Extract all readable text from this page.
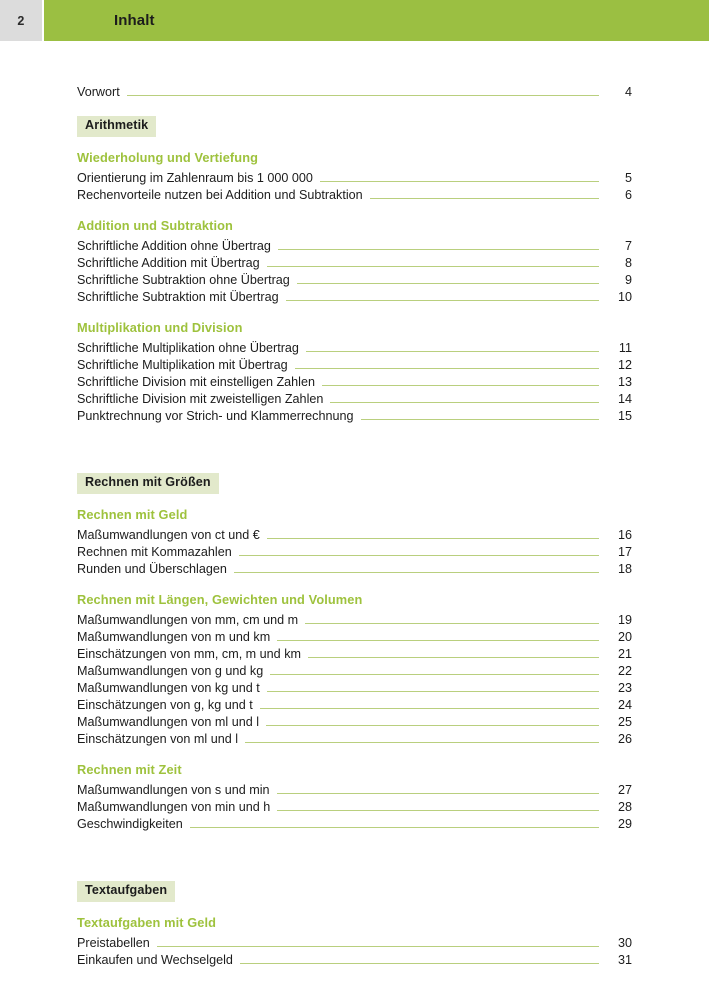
2	Inhalt
Vorwort	4
Arithmetik
Wiederholung und Vertiefung
Orientierung im Zahlenraum bis 1 000 000	5
Rechenvorteile nutzen bei Addition und Subtraktion	6
Addition und Subtraktion
Schriftliche Addition ohne Übertrag	7
Schriftliche Addition mit Übertrag	8
Schriftliche Subtraktion ohne Übertrag	9
Schriftliche Subtraktion mit Übertrag	10
Multiplikation und Division
Schriftliche Multiplikation ohne Übertrag	11
Schriftliche Multiplikation mit Übertrag	12
Schriftliche Division mit einstelligen Zahlen	13
Schriftliche Division mit zweistelligen Zahlen	14
Punktrechnung vor Strich- und Klammerrechnung	15
Rechnen mit Größen
Rechnen mit Geld
Maßumwandlungen von ct und €	16
Rechnen mit Kommazahlen	17
Runden und Überschlagen	18
Rechnen mit Längen, Gewichten und Volumen
Maßumwandlungen von mm, cm und m	19
Maßumwandlungen von m und km	20
Einschätzungen von mm, cm, m und km	21
Maßumwandlungen von g und kg	22
Maßumwandlungen von kg und t	23
Einschätzungen von g, kg und t	24
Maßumwandlungen von ml und l	25
Einschätzungen von ml und l	26
Rechnen mit Zeit
Maßumwandlungen von s und min	27
Maßumwandlungen von min und h	28
Geschwindigkeiten	29
Textaufgaben
Textaufgaben mit Geld
Preistabellen	30
Einkaufen und Wechselgeld	31
